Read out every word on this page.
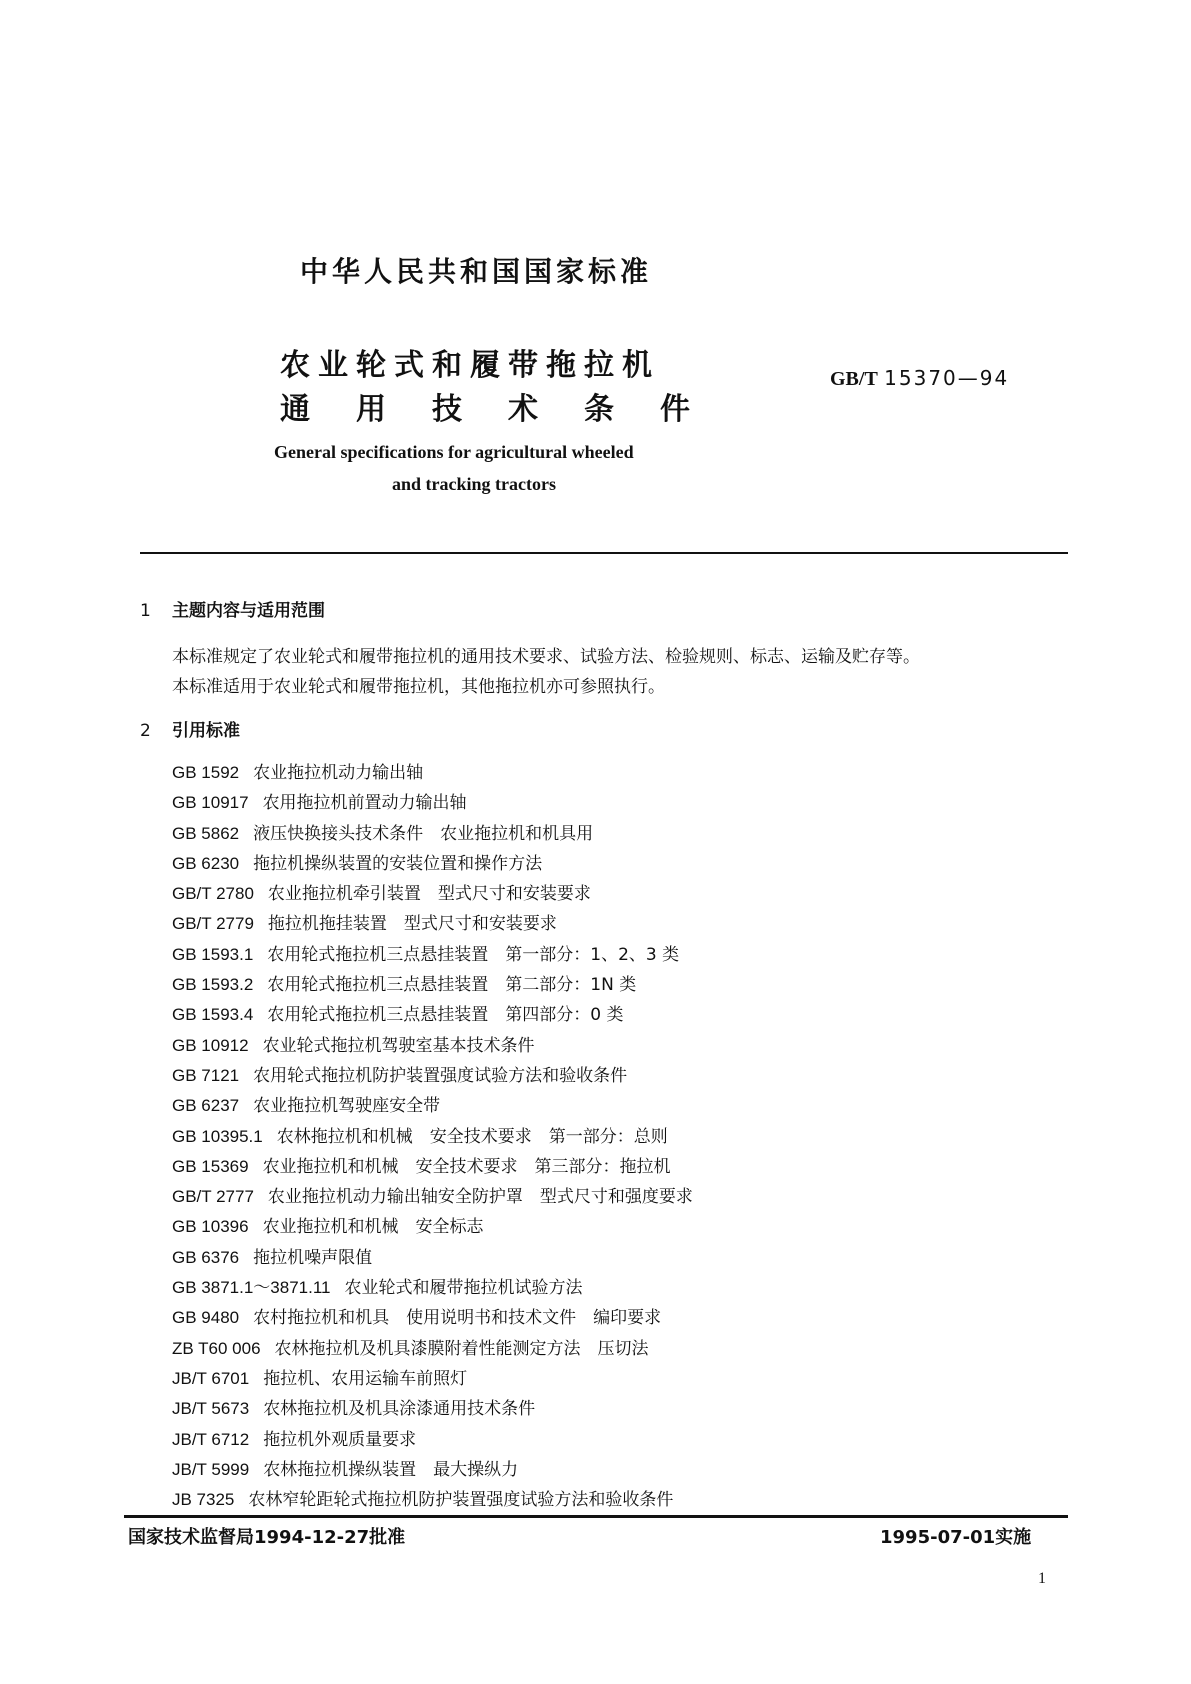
中华人民共和国国家标准
农业轮式和履带拖拉机
通 用 技 术 条 件
GB/T 15370—94
General specifications for agricultural wheeled
and tracking tractors
1 主题内容与适用范围
本标准规定了农业轮式和履带拖拉机的通用技术要求、试验方法、检验规则、标志、运输及贮存等。
本标准适用于农业轮式和履带拖拉机，其他拖拉机亦可参照执行。
2 引用标准
GB 1592 农业拖拉机动力输出轴
GB 10917 农用拖拉机前置动力输出轴
GB 5862 液压快换接头技术条件　农业拖拉机和机具用
GB 6230 拖拉机操纵装置的安装位置和操作方法
GB/T 2780 农业拖拉机牵引装置　型式尺寸和安装要求
GB/T 2779 拖拉机拖挂装置　型式尺寸和安装要求
GB 1593.1 农用轮式拖拉机三点悬挂装置　第一部分：1、2、3 类
GB 1593.2 农用轮式拖拉机三点悬挂装置　第二部分：1N 类
GB 1593.4 农用轮式拖拉机三点悬挂装置　第四部分：0 类
GB 10912 农业轮式拖拉机驾驶室基本技术条件
GB 7121 农用轮式拖拉机防护装置强度试验方法和验收条件
GB 6237 农业拖拉机驾驶座安全带
GB 10395.1 农林拖拉机和机械　安全技术要求　第一部分：总则
GB 15369 农业拖拉机和机械　安全技术要求　第三部分：拖拉机
GB/T 2777 农业拖拉机动力输出轴安全防护罩　型式尺寸和强度要求
GB 10396 农业拖拉机和机械　安全标志
GB 6376 拖拉机噪声限值
GB 3871.1～3871.11 农业轮式和履带拖拉机试验方法
GB 9480 农村拖拉机和机具　使用说明书和技术文件　编印要求
ZB T60 006 农林拖拉机及机具漆膜附着性能测定方法　压切法
JB/T 6701 拖拉机、农用运输车前照灯
JB/T 5673 农林拖拉机及机具涂漆通用技术条件
JB/T 6712 拖拉机外观质量要求
JB/T 5999 农林拖拉机操纵装置　最大操纵力
JB 7325 农林窄轮距轮式拖拉机防护装置强度试验方法和验收条件
国家技术监督局1994-12-27批准	1995-07-01实施
1
